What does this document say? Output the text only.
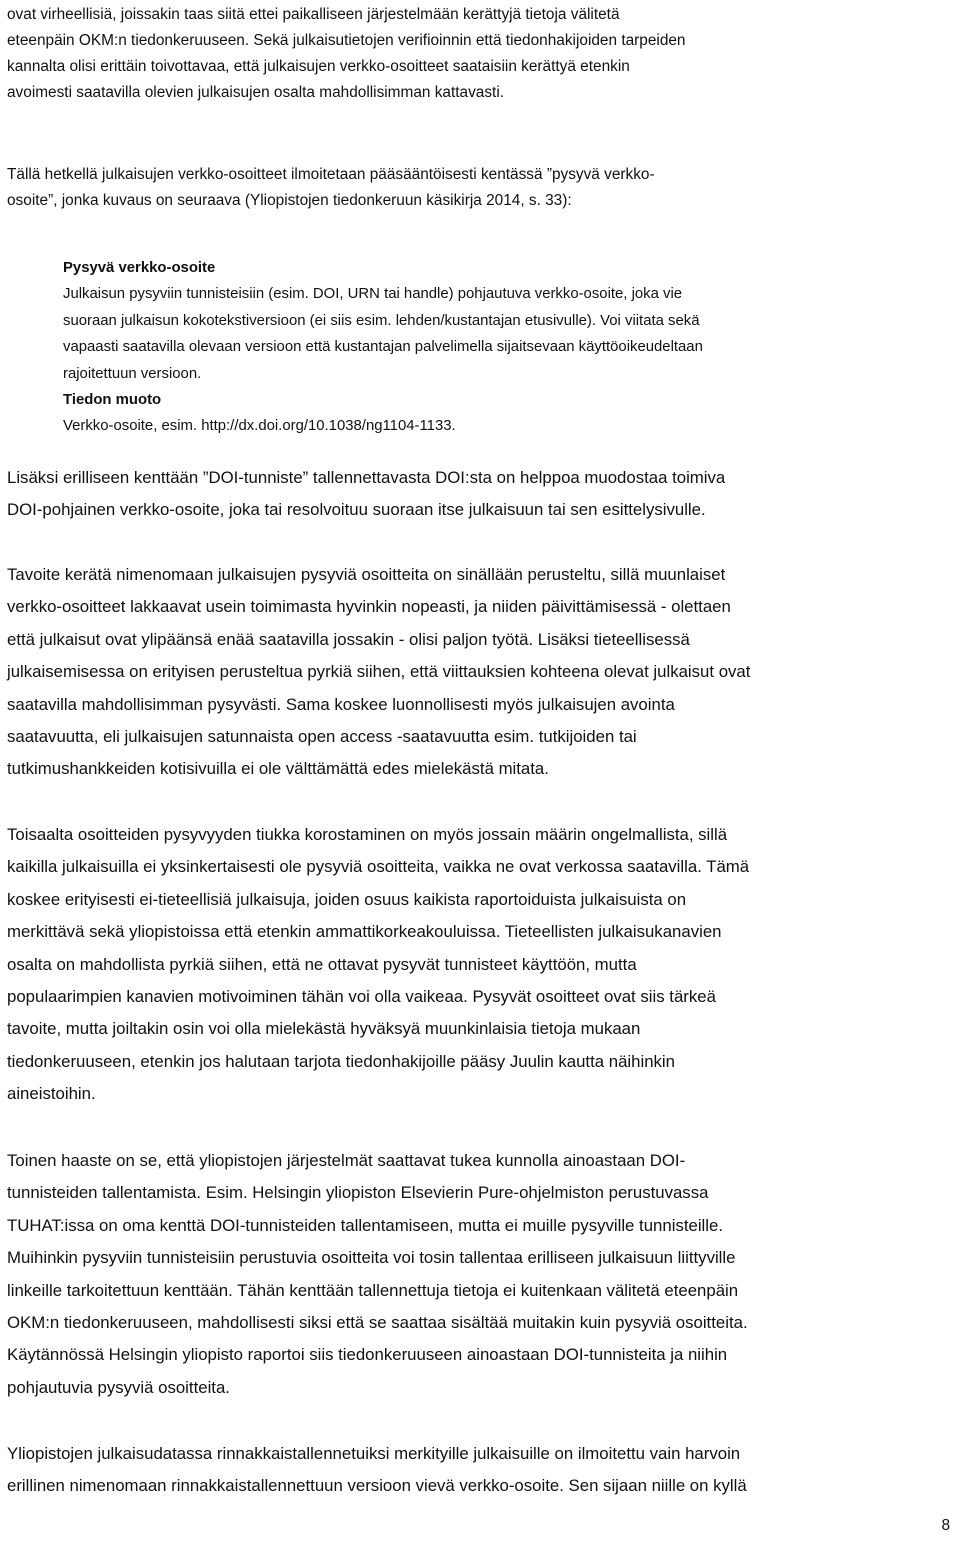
ovat virheellisiä, joissakin taas siitä ettei paikalliseen järjestelmään kerättyjä tietoja välitetä

eteenpäin OKM:n tiedonkeruuseen. Sekä julkaisutietojen verifioinnin että tiedonhakijoiden tarpeiden

kannalta olisi erittäin toivottavaa, että julkaisujen verkko-osoitteet saataisiin kerättyä etenkin

avoimesti saatavilla olevien julkaisujen osalta mahdollisimman kattavasti.

Tällä hetkellä julkaisujen verkko-osoitteet ilmoitetaan pääsääntöisesti kentässä ”pysyvä verkko-

osoite”, jonka kuvaus on seuraava (Yliopistojen tiedonkeruun käsikirja 2014, s. 33):

Pysyvä verkko-osoite

Julkaisun pysyviin tunnisteisiin (esim. DOI, URN tai handle) pohjautuva verkko-osoite, joka vie

suoraan julkaisun kokotekstiversioon (ei siis esim. lehden/kustantajan etusivulle). Voi viitata sekä

vapaasti saatavilla olevaan versioon että kustantajan palvelimella sijaitsevaan käyttöoikeudeltaan

rajoitettuun versioon.

Tiedon muoto

Verkko-osoite, esim. http://dx.doi.org/10.1038/ng1104-1133.

Lisäksi erilliseen kenttään ”DOI-tunniste” tallennettavasta DOI:sta on helppoa muodostaa toimiva

DOI-pohjainen verkko-osoite, joka tai resolvoituu suoraan itse julkaisuun tai sen esittelysivulle.

Tavoite kerätä nimenomaan julkaisujen pysyviä osoitteita on sinällään perusteltu, sillä muunlaiset

verkko-osoitteet lakkaavat usein toimimasta hyvinkin nopeasti, ja niiden päivittämisessä - olettaen

että julkaisut ovat ylipäänsä enää saatavilla jossakin - olisi paljon työtä. Lisäksi tieteellisessä

julkaisemisessa on erityisen perusteltua pyrkiä siihen, että viittauksien kohteena olevat julkaisut ovat

saatavilla mahdollisimman pysyvästi. Sama koskee luonnollisesti myös julkaisujen avointa

saatavuutta, eli julkaisujen satunnaista open access -saatavuutta esim. tutkijoiden tai

tutkimushankkeiden kotisivuilla ei ole välttämättä edes mielekästä mitata.

Toisaalta osoitteiden pysyvyyden tiukka korostaminen on myös jossain määrin ongelmallista, sillä

kaikilla julkaisuilla ei yksinkertaisesti ole pysyviä osoitteita, vaikka ne ovat verkossa saatavilla. Tämä

koskee erityisesti ei-tieteellisiä julkaisuja, joiden osuus kaikista raportoiduista julkaisuista on

merkittävä sekä yliopistoissa että etenkin ammattikorkeakouluissa. Tieteellisten julkaisukanavien

osalta on mahdollista pyrkiä siihen, että ne ottavat pysyvät tunnisteet käyttöön, mutta

populaarimpien kanavien motivoiminen tähän voi olla vaikeaa. Pysyvät osoitteet ovat siis tärkeä

tavoite, mutta joiltakin osin voi olla mielekästä hyväksyä muunkinlaisia tietoja mukaan

tiedonkeruuseen, etenkin jos halutaan tarjota tiedonhakijoille pääsy Juulin kautta näihinkin

aineistoihin.

Toinen haaste on se, että yliopistojen järjestelmät saattavat tukea kunnolla ainoastaan DOI-

tunnisteiden tallentamista. Esim. Helsingin yliopiston Elsevierin Pure-ohjelmiston perustuvassa

TUHAT:issa on oma kenttä DOI-tunnisteiden tallentamiseen, mutta ei muille pysyville tunnisteille.

Muihinkin pysyviin tunnisteisiin perustuvia osoitteita voi tosin tallentaa erilliseen julkaisuun liittyville

linkeille tarkoitettuun kenttään. Tähän kenttään tallennettuja tietoja ei kuitenkaan välitetä eteenpäin

OKM:n tiedonkeruuseen, mahdollisesti siksi että se saattaa sisältää muitakin kuin pysyviä osoitteita.

Käytännössä Helsingin yliopisto raportoi siis tiedonkeruuseen ainoastaan DOI-tunnisteita ja niihin

pohjautuvia pysyviä osoitteita.

Yliopistojen julkaisudatassa rinnakkaistallennetuiksi merkityille julkaisuille on ilmoitettu vain harvoin

erillinen nimenomaan rinnakkaistallennettuun versioon vievä verkko-osoite. Sen sijaan niille on kyllä

8
